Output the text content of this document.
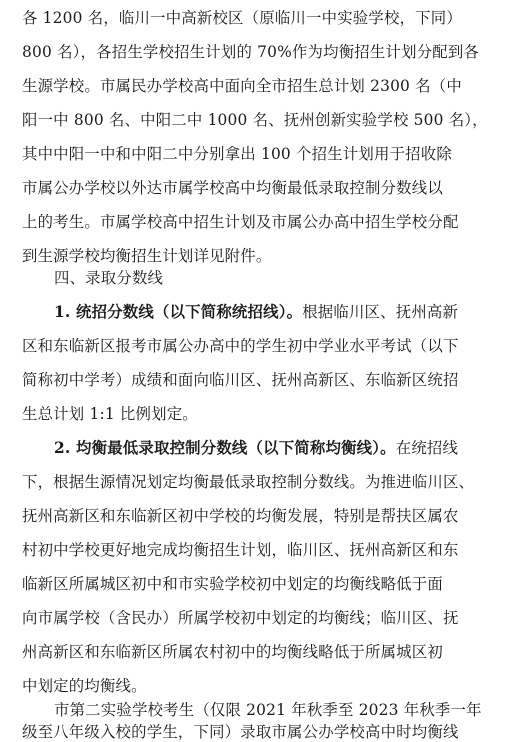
各 1200 名，临川一中高新校区（原临川一中实验学校，下同）
800 名），各招生学校招生计划的 70%作为均衡招生计划分配到各
生源学校。市属民办学校高中面向全市招生总计划 2300 名（中
阳一中 800 名、中阳二中 1000 名、抚州创新实验学校 500 名），
其中中阳一中和中阳二中分别拿出 100 个招生计划用于招收除
市属公办学校以外达市属学校高中均衡最低录取控制分数线以
上的考生。市属学校高中招生计划及市属公办高中招生学校分配
到生源学校均衡招生计划详见附件。
四、录取分数线
1. 统招分数线（以下简称统招线）。根据临川区、抚州高新
区和东临新区报考市属公办高中的学生初中学业水平考试（以下
简称初中学考）成绩和面向临川区、抚州高新区、东临新区统招
生总计划 1:1 比例划定。
2. 均衡最低录取控制分数线（以下简称均衡线）。在统招线
下，根据生源情况划定均衡最低录取控制分数线。为推进临川区、
抚州高新区和东临新区初中学校的均衡发展，特别是帮扶区属农
村初中学校更好地完成均衡招生计划，临川区、抚州高新区和东
临新区所属城区初中和市实验学校初中划定的均衡线略低于面
向市属学校（含民办）所属学校初中划定的均衡线；临川区、抚
州高新区和东临新区所属农村初中的均衡线略低于所属城区初
中划定的均衡线。
市第二实验学校考生（仅限 2021 年秋季至 2023 年秋季一年
级至八年级入校的学生，下同）录取市属公办学校高中时均衡线
